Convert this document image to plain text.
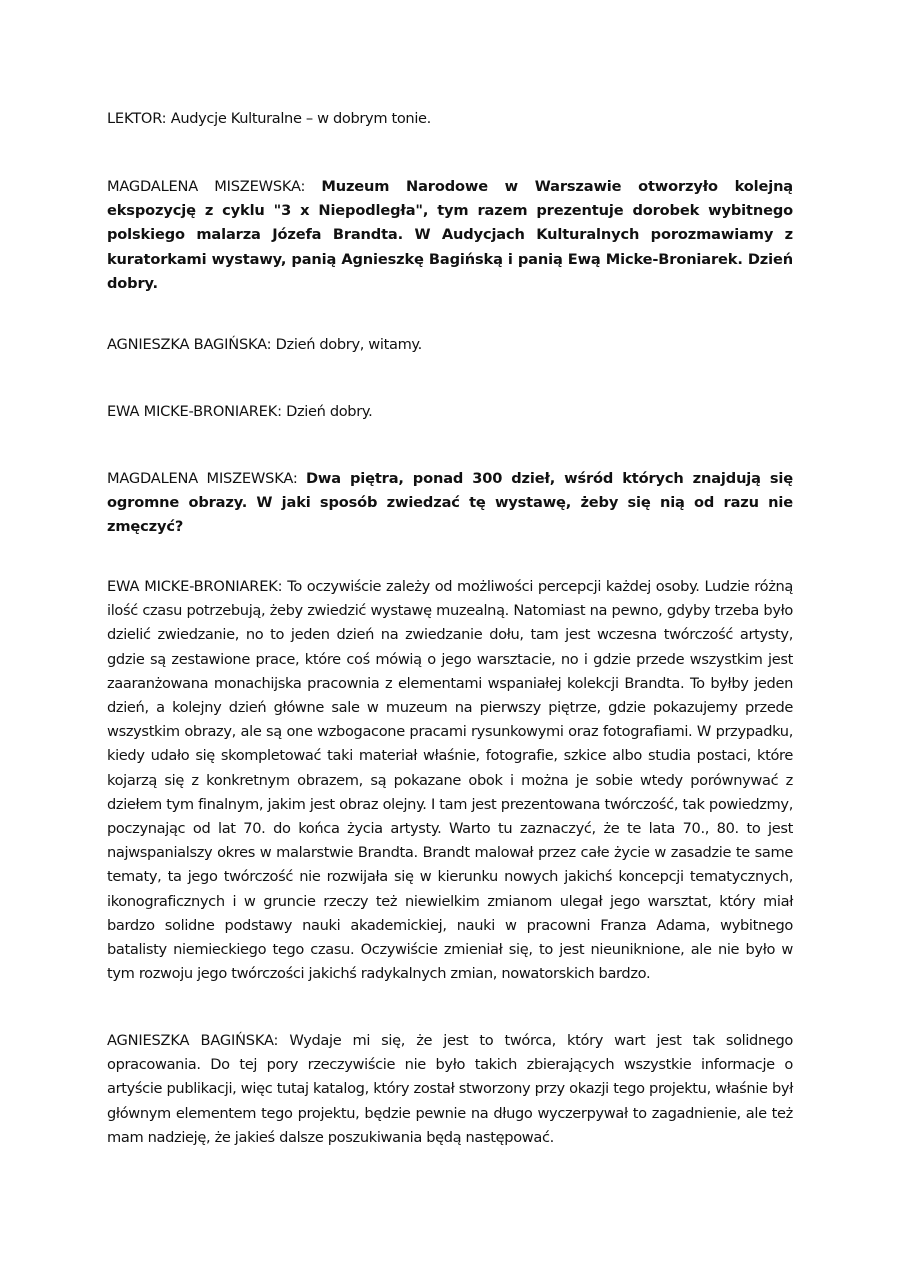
LEKTOR: Audycje Kulturalne – w dobrym tonie.

MAGDALENA MISZEWSKA: Muzeum Narodowe w Warszawie otworzyło kolejną ekspozycję z cyklu "3 x Niepodległa", tym razem prezentuje dorobek wybitnego polskiego malarza Józefa Brandta. W Audycjach Kulturalnych porozmawiamy z kuratorkami wystawy, panią Agnieszkę Bagińską i panią Ewą Micke-Broniarek. Dzień dobry.

AGNIESZKA BAGIŃSKA: Dzień dobry, witamy.

EWA MICKE-BRONIAREK: Dzień dobry.

MAGDALENA MISZEWSKA: Dwa piętra, ponad 300 dzieł, wśród których znajdują się ogromne obrazy. W jaki sposób zwiedzać tę wystawę, żeby się nią od razu nie zmęczyć?

EWA MICKE-BRONIAREK: To oczywiście zależy od możliwości percepcji każdej osoby. Ludzie różną ilość czasu potrzebują, żeby zwiedzić wystawę muzealną. Natomiast na pewno, gdyby trzeba było dzielić zwiedzanie, no to jeden dzień na zwiedzanie dołu, tam jest wczesna twórczość artysty, gdzie są zestawione prace, które coś mówią o jego warsztacie, no i gdzie przede wszystkim jest zaaranżowana monachijska pracownia z elementami wspaniałej kolekcji Brandta. To byłby jeden dzień, a kolejny dzień główne sale w muzeum na pierwszy piętrze, gdzie pokazujemy przede wszystkim obrazy, ale są one wzbogacone pracami rysunkowymi oraz fotografiami. W przypadku, kiedy udało się skompletować taki materiał właśnie, fotografie, szkice albo studia postaci, które kojarzą się z konkretnym obrazem, są pokazane obok i można je sobie wtedy porównywać z dziełem tym finalnym, jakim jest obraz olejny. I tam jest prezentowana twórczość, tak powiedzmy, poczynając od lat 70. do końca życia artysty. Warto tu zaznaczyć, że te lata 70., 80. to jest najwspanialszy okres w malarstwie Brandta. Brandt malował przez całe życie w zasadzie te same tematy, ta jego twórczość nie rozwijała się w kierunku nowych jakichś koncepcji tematycznych, ikonograficznych i w gruncie rzeczy też niewielkim zmianom ulegał jego warsztat, który miał bardzo solidne podstawy nauki akademickiej, nauki w pracowni Franza Adama, wybitnego batalisty niemieckiego tego czasu. Oczywiście zmieniał się, to jest nieuniknione, ale nie było w tym rozwoju jego twórczości jakichś radykalnych zmian, nowatorskich bardzo.

AGNIESZKA BAGIŃSKA: Wydaje mi się, że jest to twórca, który wart jest tak solidnego opracowania. Do tej pory rzeczywiście nie było takich zbierających wszystkie informacje o artyście publikacji, więc tutaj katalog, który został stworzony przy okazji tego projektu, właśnie był głównym elementem tego projektu, będzie pewnie na długo wyczerpywał to zagadnienie, ale też mam nadzieję, że jakieś dalsze poszukiwania będą następować.
